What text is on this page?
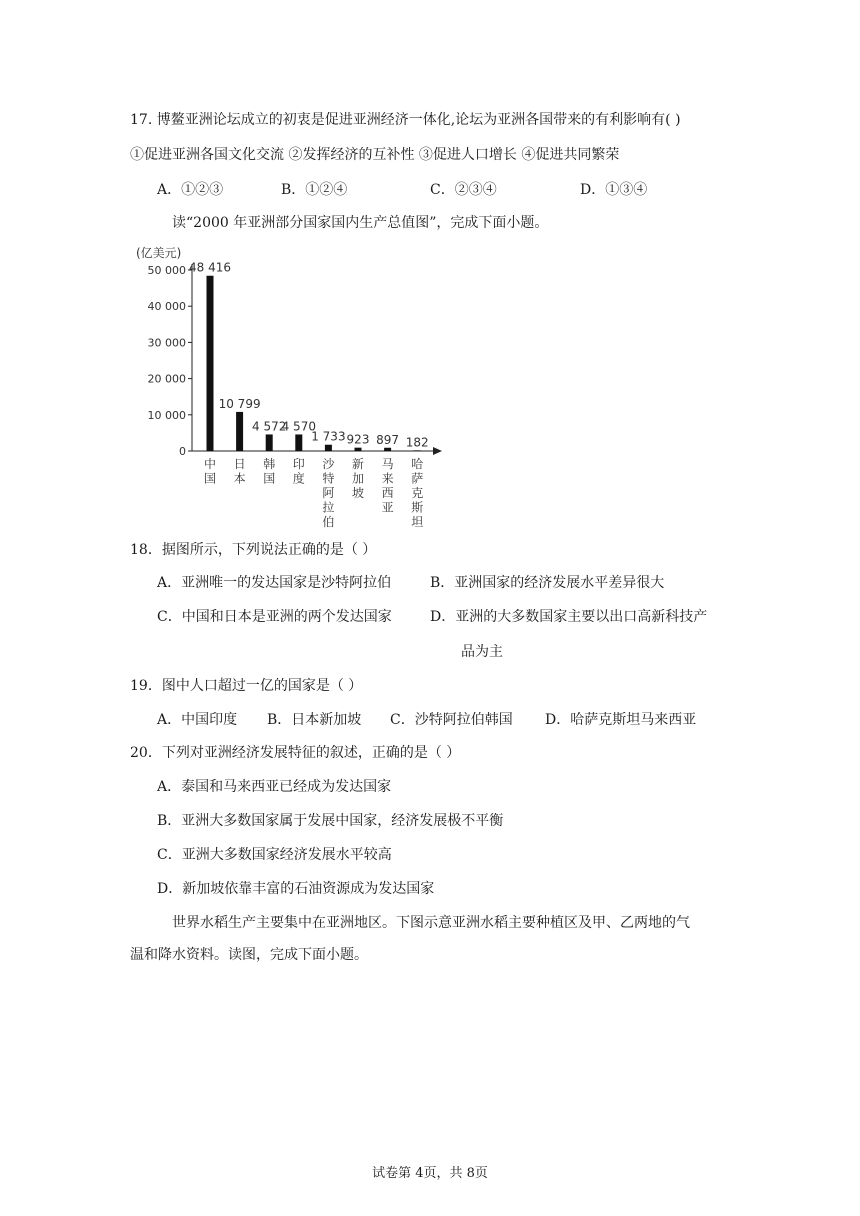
17. 博鳌亚洲论坛成立的初衷是促进亚洲经济一体化,论坛为亚洲各国带来的有利影响有( )
①促进亚洲各国文化交流 ②发挥经济的互补性 ③促进人口增长 ④促进共同繁荣
A．①②③	B．①②④	C．②③④	D．①③④
读“2000 年亚洲部分国家国内生产总值图”，完成下面小题。
(亿美元)
50 000
40 000
30 000
20 000
10 000
0
48 416
10 799
4 572
4 570
1 733 923 897 182
中国
日本
韩国
印度
沙特阿拉伯
新加坡
马来西亚
哈萨克斯坦
18．据图所示，下列说法正确的是（ ）
A．亚洲唯一的发达国家是沙特阿拉伯	B．亚洲国家的经济发展水平差异很大
C．中国和日本是亚洲的两个发达国家	D．亚洲的大多数国家主要以出口高新科技产
品为主
19．图中人口超过一亿的国家是（ ）
A．中国印度 B．日本新加坡 C．沙特阿拉伯韩国 D．哈萨克斯坦马来西亚
20．下列对亚洲经济发展特征的叙述，正确的是（ ）
A．泰国和马来西亚已经成为发达国家
B．亚洲大多数国家属于发展中国家，经济发展极不平衡
C．亚洲大多数国家经济发展水平较高
D．新加坡依靠丰富的石油资源成为发达国家
世界水稻生产主要集中在亚洲地区。下图示意亚洲水稻主要种植区及甲、乙两地的气
温和降水资料。读图，完成下面小题。
试卷第 4页，共 8页
